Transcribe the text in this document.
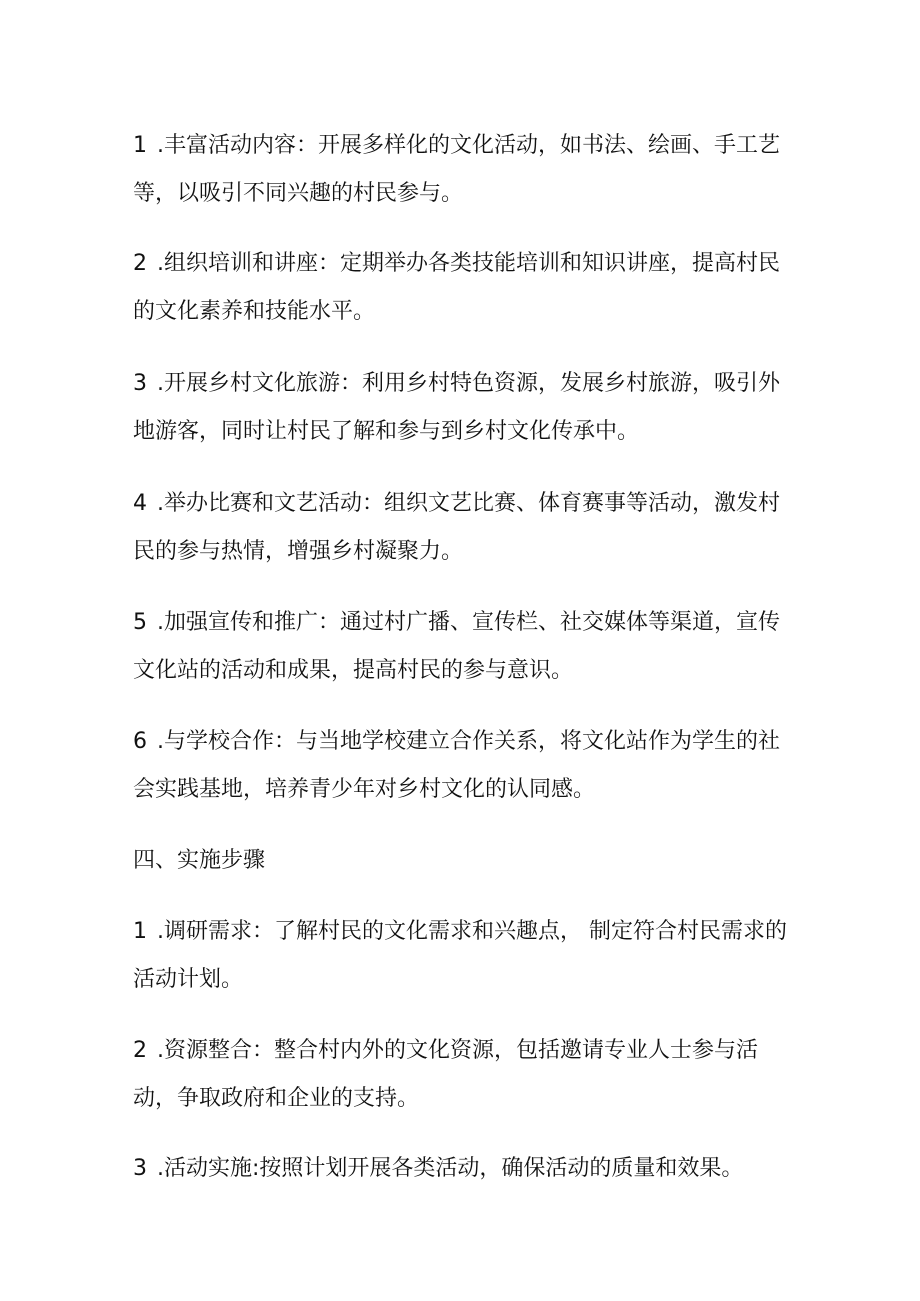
1 .丰富活动内容：开展多样化的文化活动，如书法、绘画、手工艺
等，以吸引不同兴趣的村民参与。
2 .组织培训和讲座：定期举办各类技能培训和知识讲座，提高村民
的文化素养和技能水平。
3 .开展乡村文化旅游：利用乡村特色资源，发展乡村旅游，吸引外
地游客，同时让村民了解和参与到乡村文化传承中。
4 .举办比赛和文艺活动：组织文艺比赛、体育赛事等活动，激发村
民的参与热情，增强乡村凝聚力。
5 .加强宣传和推广：通过村广播、宣传栏、社交媒体等渠道，宣传
文化站的活动和成果，提高村民的参与意识。
6 .与学校合作：与当地学校建立合作关系，将文化站作为学生的社
会实践基地，培养青少年对乡村文化的认同感。
四、实施步骤
1 .调研需求：了解村民的文化需求和兴趣点， 制定符合村民需求的
活动计划。
2 .资源整合：整合村内外的文化资源，包括邀请专业人士参与活
动，争取政府和企业的支持。
3 .活动实施:按照计划开展各类活动，确保活动的质量和效果。
